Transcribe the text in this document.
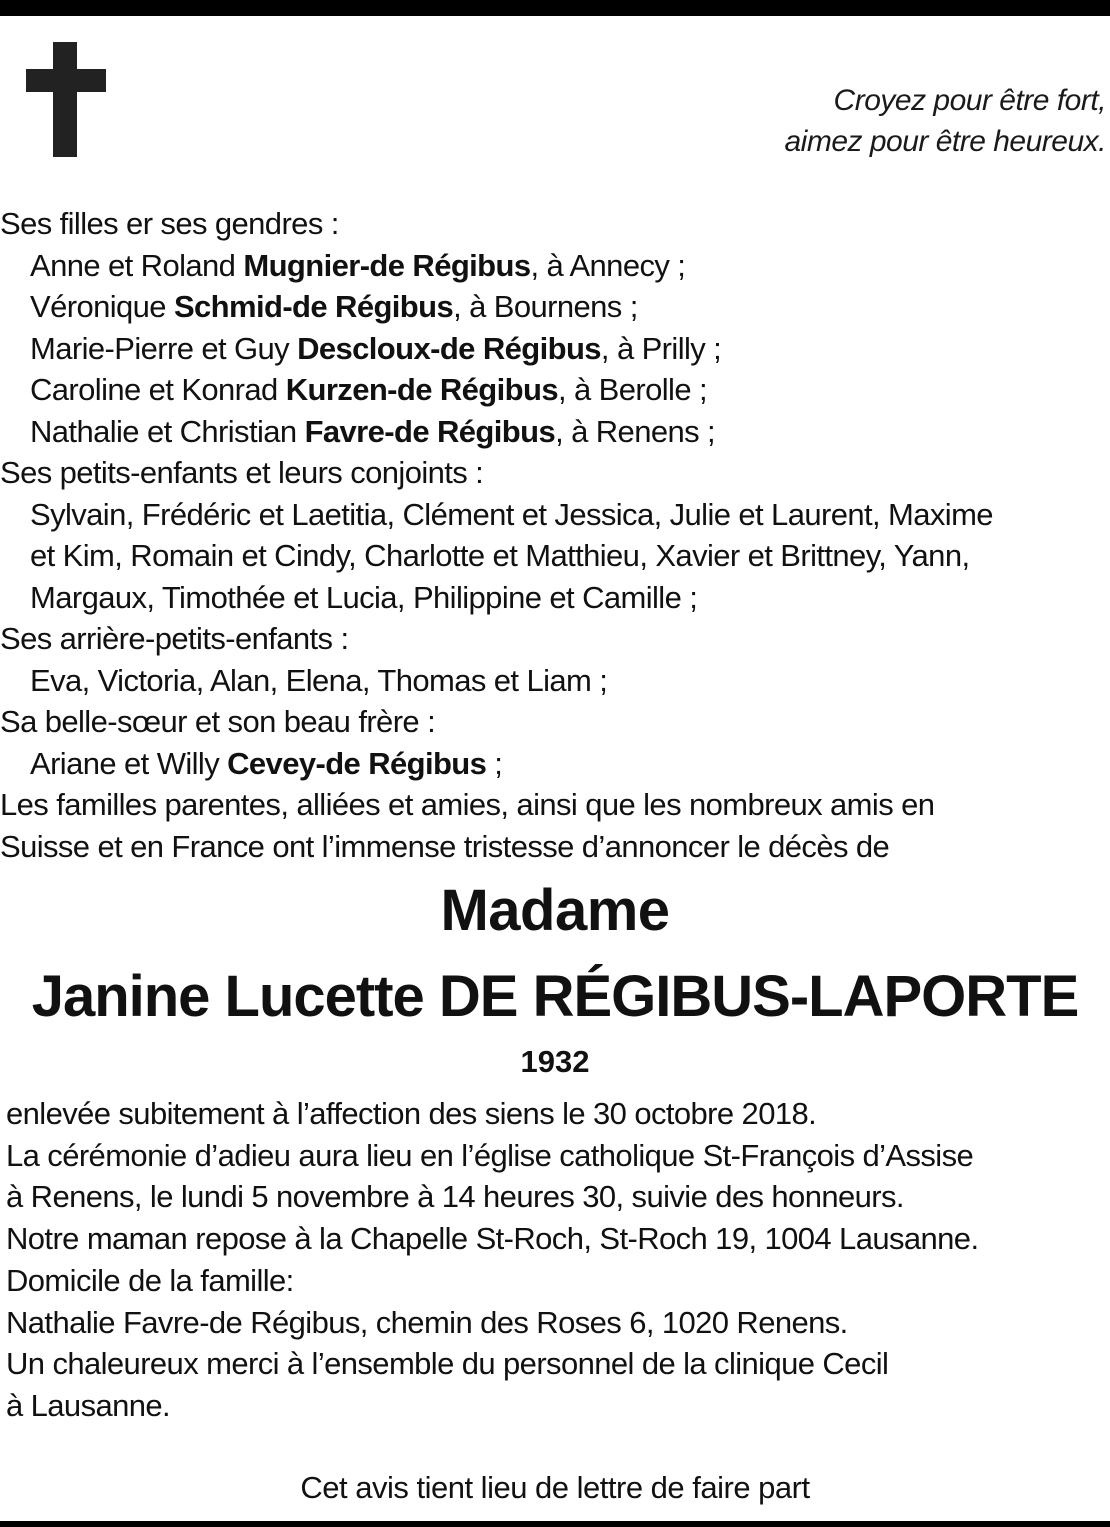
Croyez pour être fort,
aimez pour être heureux.
Ses filles er ses gendres :
Anne et Roland Mugnier-de Régibus, à Annecy ;
Véronique Schmid-de Régibus, à Bournens ;
Marie-Pierre et Guy Descloux-de Régibus, à Prilly ;
Caroline et Konrad Kurzen-de Régibus, à Berolle ;
Nathalie et Christian Favre-de Régibus, à Renens ;
Ses petits-enfants et leurs conjoints :
Sylvain, Frédéric et Laetitia, Clément et Jessica, Julie et Laurent, Maxime
et Kim, Romain et Cindy, Charlotte et Matthieu, Xavier et Brittney, Yann,
Margaux, Timothée et Lucia, Philippine et Camille ;
Ses arrière-petits-enfants :
Eva, Victoria, Alan, Elena, Thomas et Liam ;
Sa belle-sœur et son beau frère :
Ariane et Willy Cevey-de Régibus ;
Les familles parentes, alliées et amies, ainsi que les nombreux amis en
Suisse et en France ont l’immense tristesse d’annoncer le décès de
Madame
Janine Lucette DE RÉGIBUS-LAPORTE
1932
enlevée subitement à l’affection des siens le 30 octobre 2018.
La cérémonie d’adieu aura lieu en l’église catholique St-François d’Assise
à Renens, le lundi 5 novembre à 14 heures 30, suivie des honneurs.
Notre maman repose à la Chapelle St-Roch, St-Roch 19, 1004 Lausanne.
Domicile de la famille:
Nathalie Favre-de Régibus, chemin des Roses 6, 1020 Renens.
Un chaleureux merci à l’ensemble du personnel de la clinique Cecil
à Lausanne.
Cet avis tient lieu de lettre de faire part
